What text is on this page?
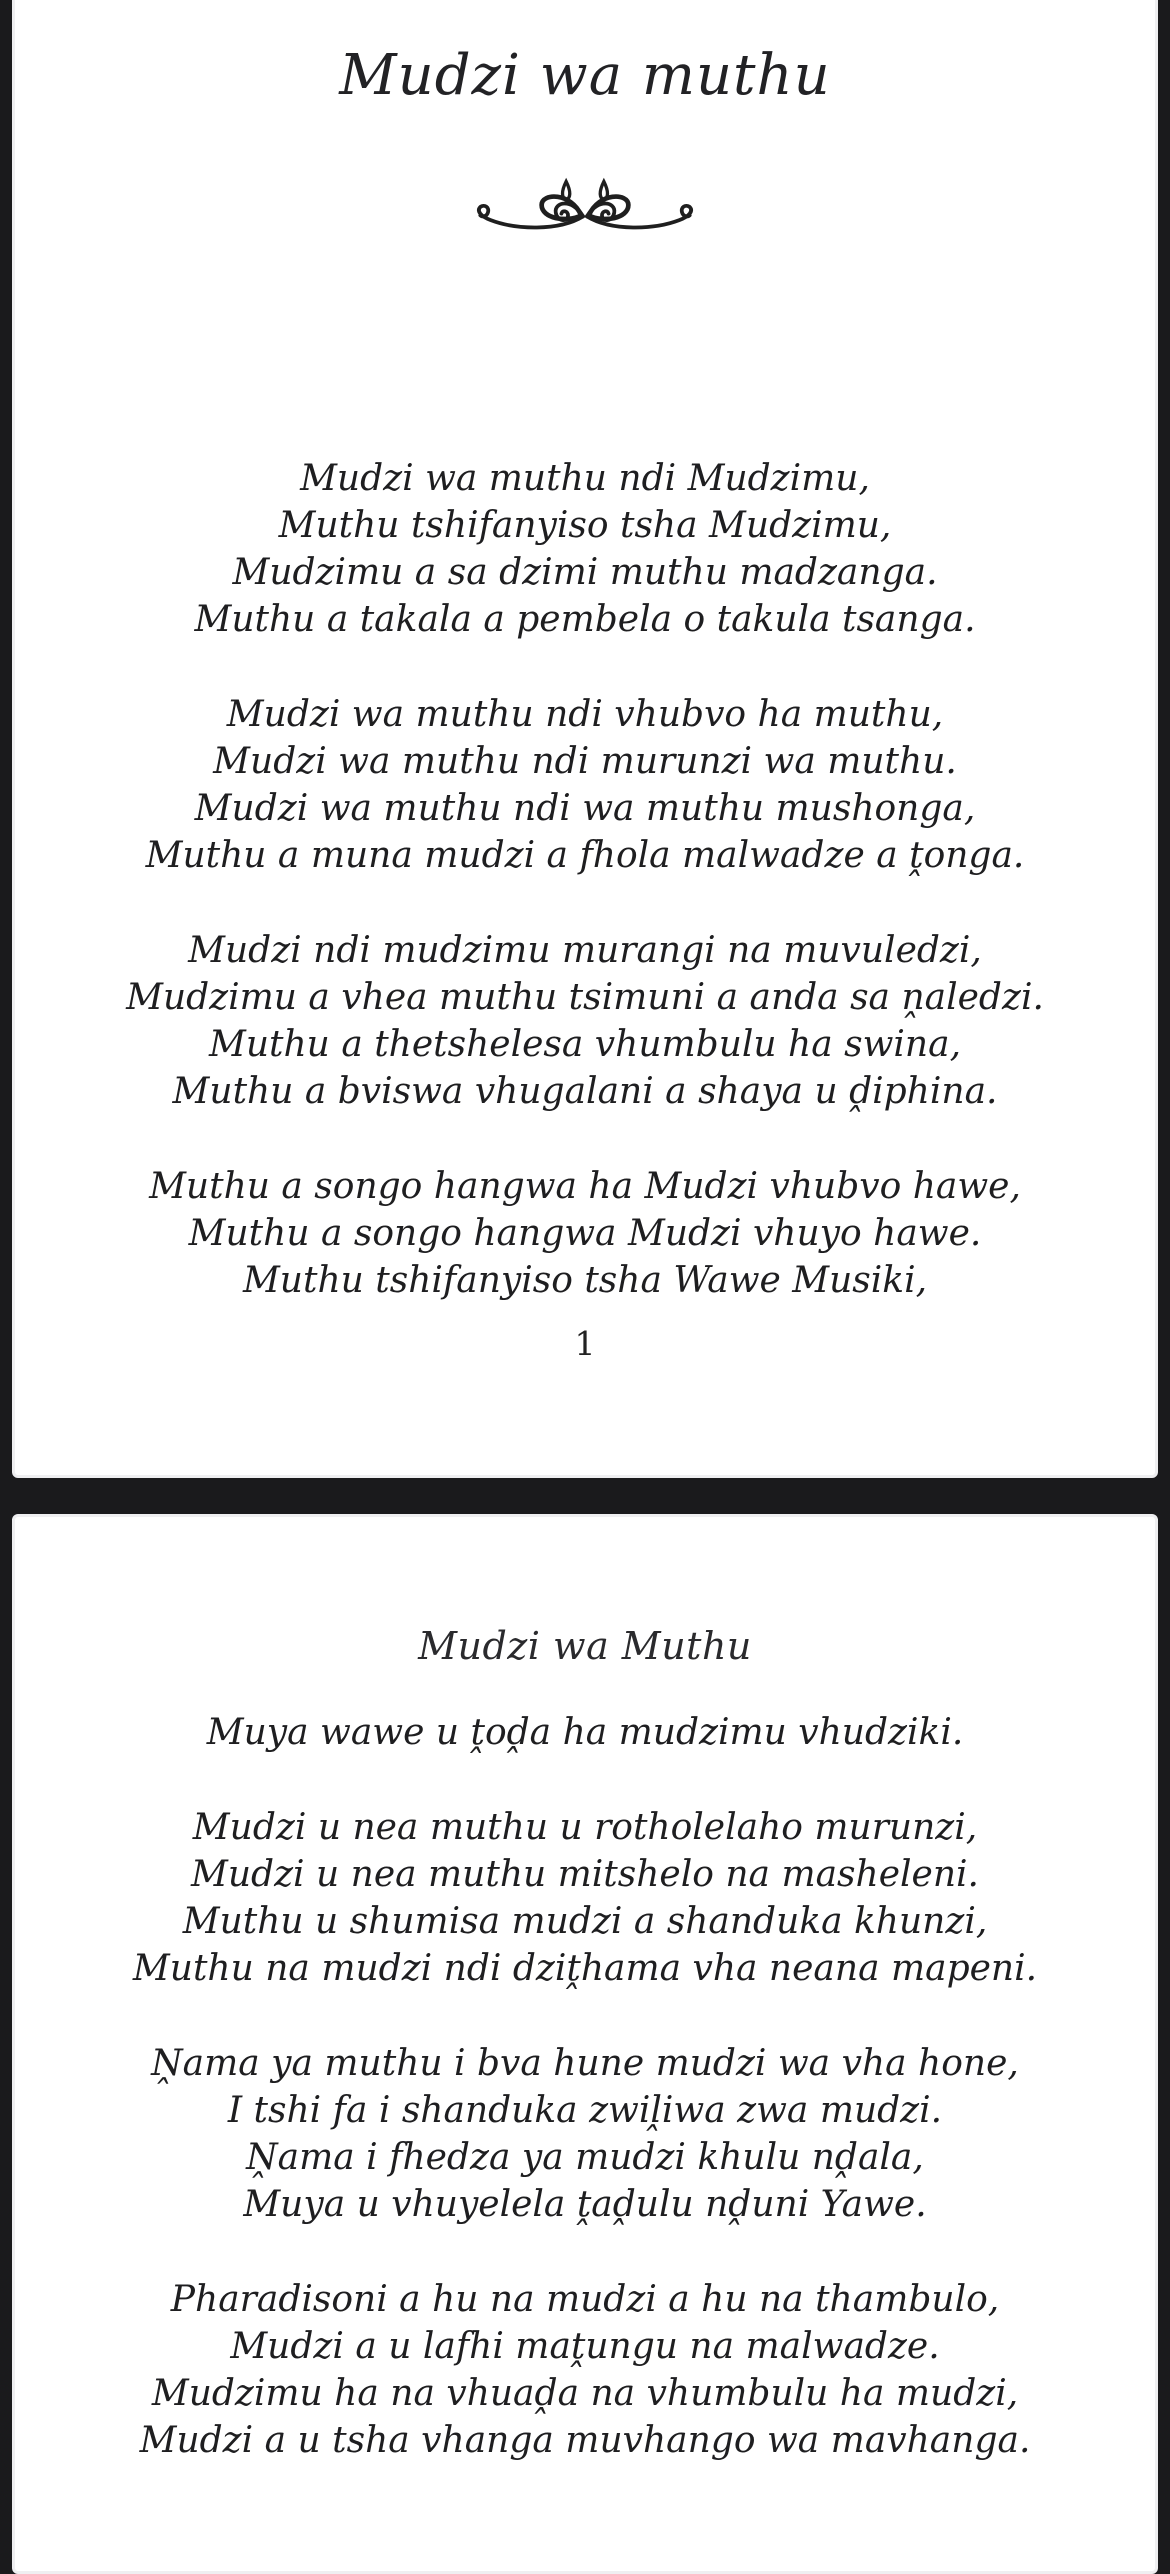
Mudzi wa muthu
Mudzi wa muthu ndi Mudzimu,
Muthu tshifanyiso tsha Mudzimu,
Mudzimu a sa dzimi muthu madzanga.
Muthu a takala a pembela o takula tsanga.
Mudzi wa muthu ndi vhubvo ha muthu,
Mudzi wa muthu ndi murunzi wa muthu.
Mudzi wa muthu ndi wa muthu mushonga,
Muthu a muna mudzi a fhola malwadze a ṱonga.
Mudzi ndi mudzimu murangi na muvuledzi,
Mudzimu a vhea muthu tsimuni a anda sa ṋaledzi.
Muthu a thetshelesa vhumbulu ha swina,
Muthu a bviswa vhugalani a shaya u ḓiphina.
Muthu a songo hangwa ha Mudzi vhubvo hawe,
Muthu a songo hangwa Mudzi vhuyo hawe.
Muthu tshifanyiso tsha Wawe Musiki,
1
Mudzi wa Muthu
Muya wawe u ṱoḓa ha mudzimu vhudziki.
Mudzi u nea muthu u rotholelaho murunzi,
Mudzi u nea muthu mitshelo na masheleni.
Muthu u shumisa mudzi a shanduka khunzi,
Muthu na mudzi ndi dziṱhama vha neana mapeni.
Ṋama ya muthu i bva hune mudzi wa vha hone,
I tshi fa i shanduka zwiḽiwa zwa mudzi.
Ṋama i fhedza ya mudzi khulu nḓala,
Muya u vhuyelela ṱaḓulu nḓuni Yawe.
Pharadisoni a hu na mudzi a hu na thambulo,
Mudzi a u lafhi maṱungu na malwadze.
Mudzimu ha na vhuaḓa na vhumbulu ha mudzi,
Mudzi a u tsha vhanga muvhango wa mavhanga.
